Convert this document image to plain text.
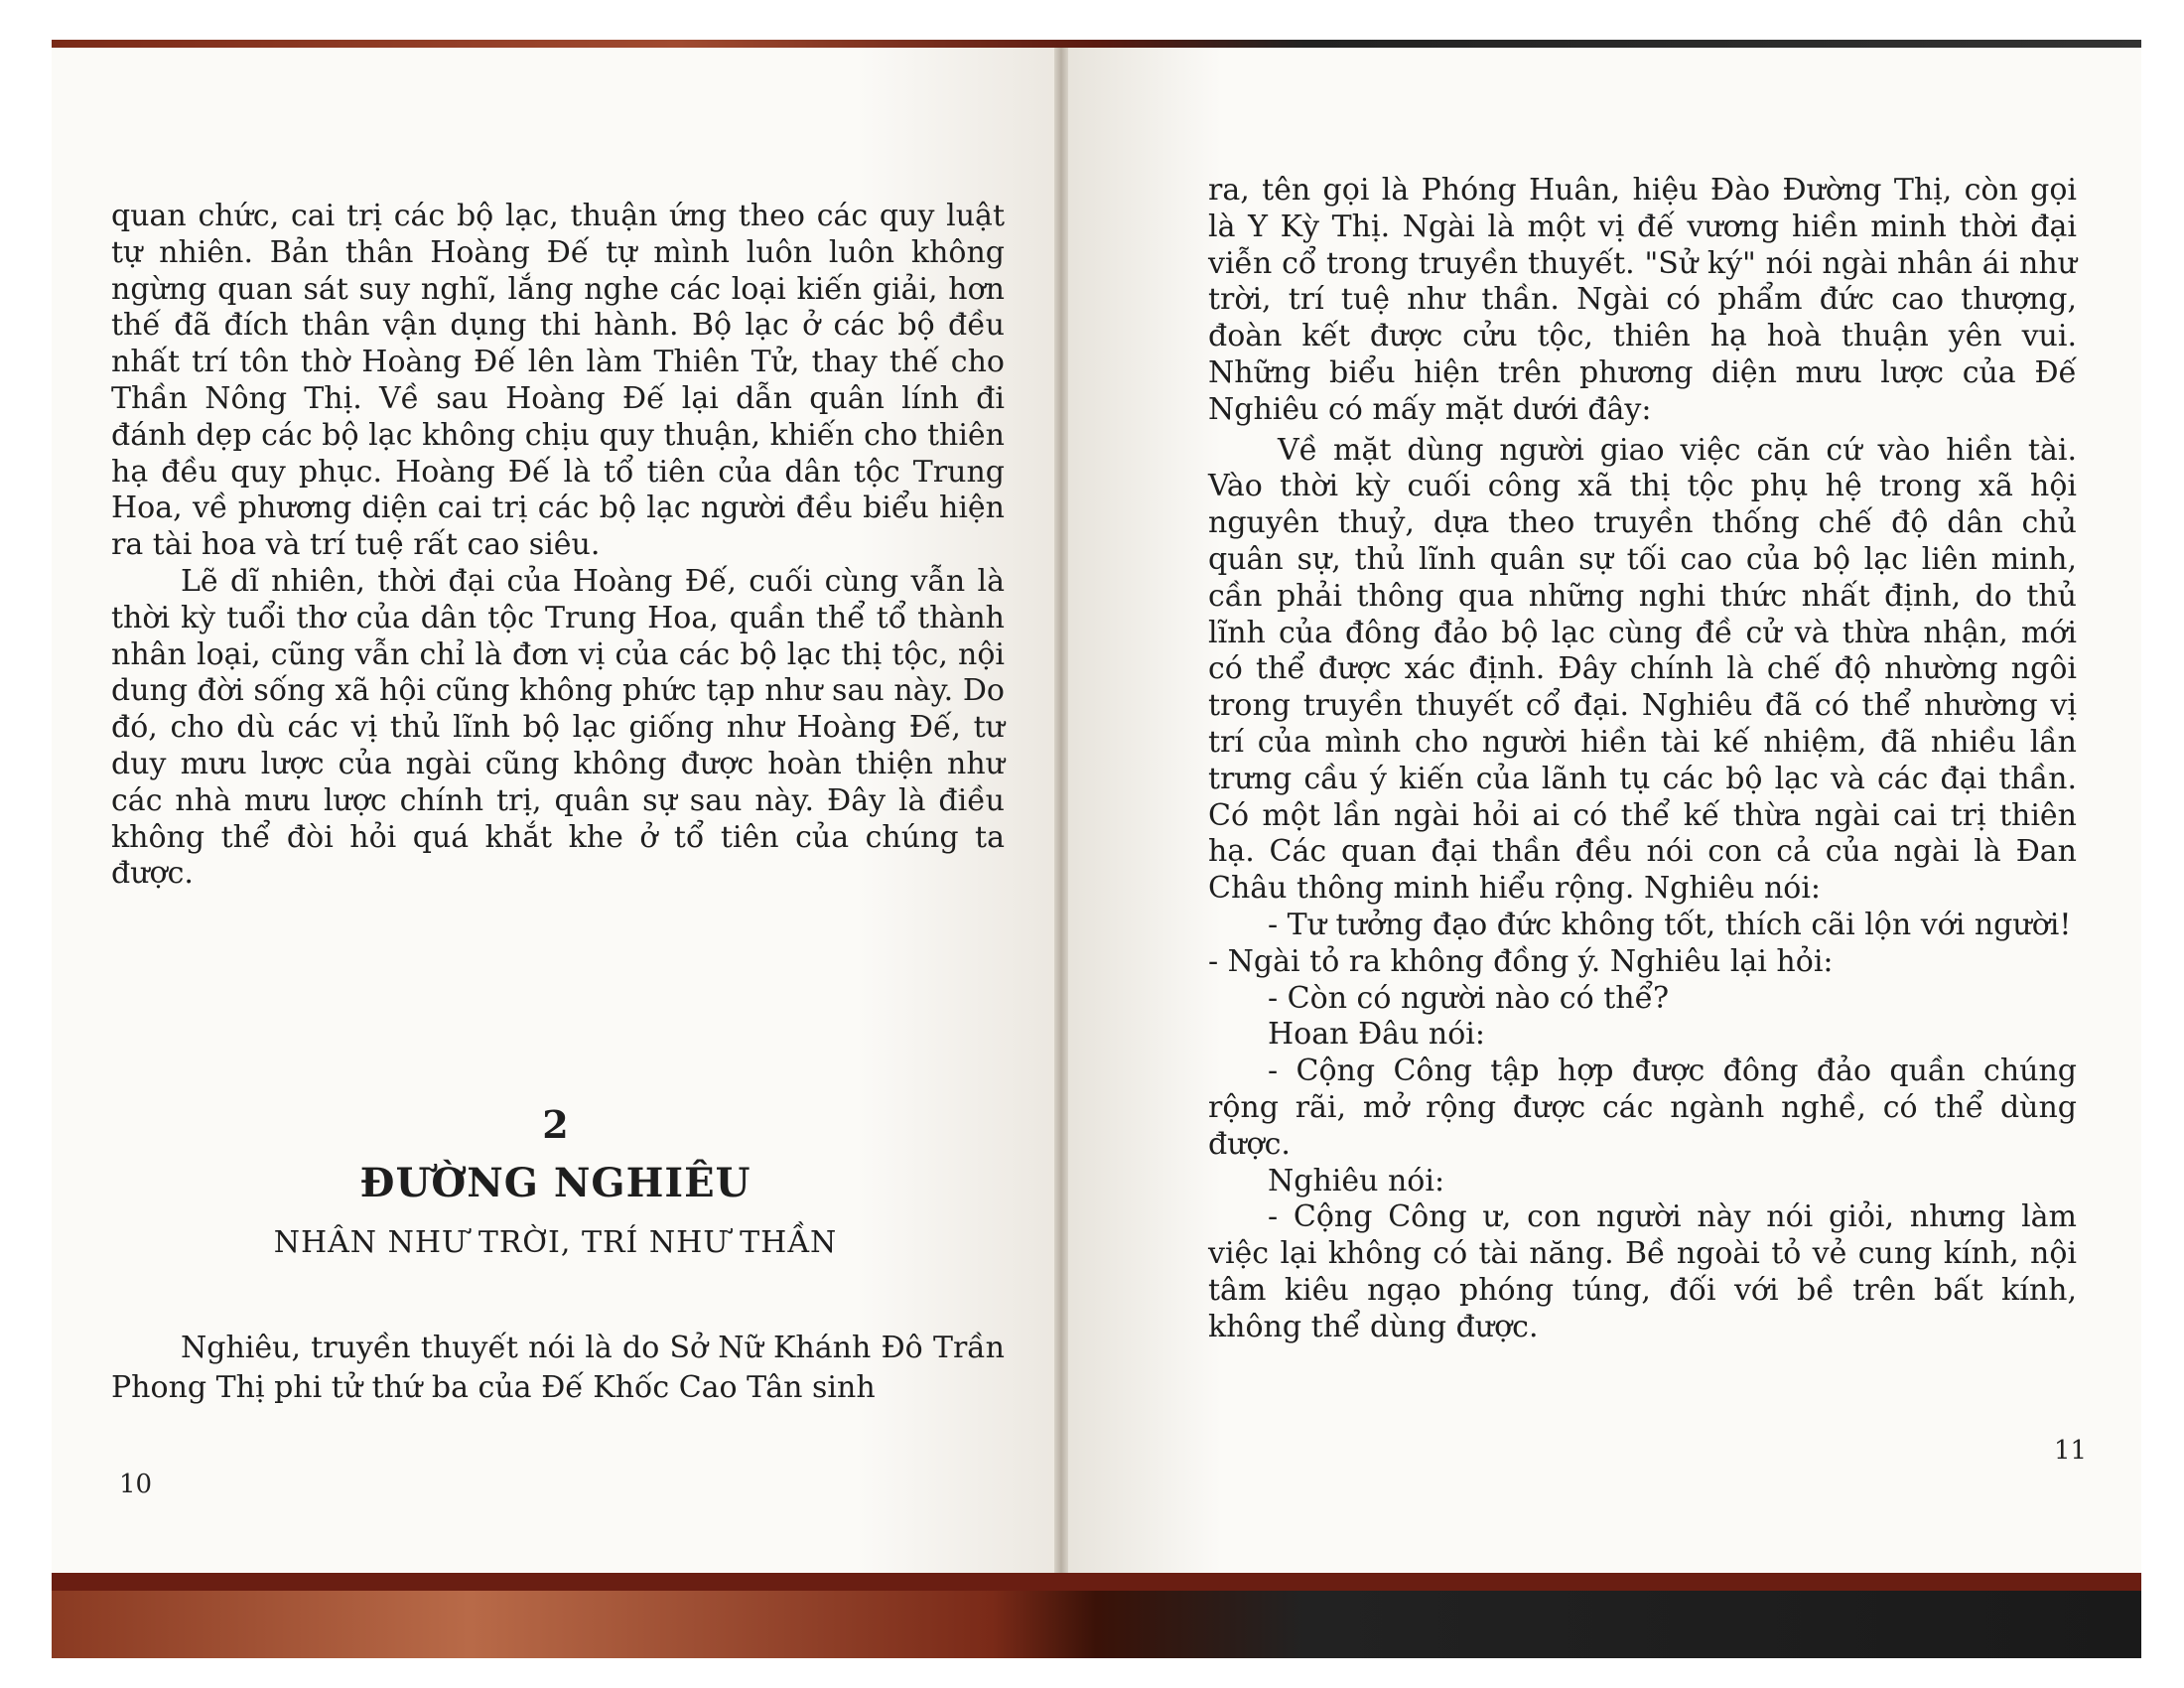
quan chức, cai trị các bộ lạc, thuận ứng theo các quy luật tự nhiên. Bản thân Hoàng Đế tự mình luôn luôn không ngừng quan sát suy nghĩ, lắng nghe các loại kiến giải, hơn thế đã đích thân vận dụng thi hành. Bộ lạc ở các bộ đều nhất trí tôn thờ Hoàng Đế lên làm Thiên Tử, thay thế cho Thần Nông Thị. Về sau Hoàng Đế lại dẫn quân lính đi đánh dẹp các bộ lạc không chịu quy thuận, khiến cho thiên hạ đều quy phục. Hoàng Đế là tổ tiên của dân tộc Trung Hoa, về phương diện cai trị các bộ lạc người đều biểu hiện ra tài hoa và trí tuệ rất cao siêu.

Lẽ dĩ nhiên, thời đại của Hoàng Đế, cuối cùng vẫn là thời kỳ tuổi thơ của dân tộc Trung Hoa, quần thể tổ thành nhân loại, cũng vẫn chỉ là đơn vị của các bộ lạc thị tộc, nội dung đời sống xã hội cũng không phức tạp như sau này. Do đó, cho dù các vị thủ lĩnh bộ lạc giống như Hoàng Đế, tư duy mưu lược của ngài cũng không được hoàn thiện như các nhà mưu lược chính trị, quân sự sau này. Đây là điều không thể đòi hỏi quá khắt khe ở tổ tiên của chúng ta được.

2
ĐƯỜNG NGHIÊU
NHÂN NHƯ TRỜI, TRÍ NHƯ THẦN

Nghiêu, truyền thuyết nói là do Sở Nữ Khánh Đô Trần Phong Thị phi tử thứ ba của Đế Khốc Cao Tân sinh

10

ra, tên gọi là Phóng Huân, hiệu Đào Đường Thị, còn gọi là Y Kỳ Thị. Ngài là một vị đế vương hiền minh thời đại viễn cổ trong truyền thuyết. "Sử ký" nói ngài nhân ái như trời, trí tuệ như thần. Ngài có phẩm đức cao thượng, đoàn kết được cửu tộc, thiên hạ hoà thuận yên vui. Những biểu hiện trên phương diện mưu lược của Đế Nghiêu có mấy mặt dưới đây:

Về mặt dùng người giao việc căn cứ vào hiền tài. Vào thời kỳ cuối công xã thị tộc phụ hệ trong xã hội nguyên thuỷ, dựa theo truyền thống chế độ dân chủ quân sự, thủ lĩnh quân sự tối cao của bộ lạc liên minh, cần phải thông qua những nghi thức nhất định, do thủ lĩnh của đông đảo bộ lạc cùng đề cử và thừa nhận, mới có thể được xác định. Đây chính là chế độ nhường ngôi trong truyền thuyết cổ đại. Nghiêu đã có thể nhường vị trí của mình cho người hiền tài kế nhiệm, đã nhiều lần trưng cầu ý kiến của lãnh tụ các bộ lạc và các đại thần. Có một lần ngài hỏi ai có thể kế thừa ngài cai trị thiên hạ. Các quan đại thần đều nói con cả của ngài là Đan Châu thông minh hiểu rộng. Nghiêu nói:

- Tư tưởng đạo đức không tốt, thích cãi lộn với người!

- Ngài tỏ ra không đồng ý. Nghiêu lại hỏi:

- Còn có người nào có thể?

Hoan Đâu nói:

- Cộng Công tập hợp được đông đảo quần chúng rộng rãi, mở rộng được các ngành nghề, có thể dùng được.

Nghiêu nói:

- Cộng Công ư, con người này nói giỏi, nhưng làm việc lại không có tài năng. Bề ngoài tỏ vẻ cung kính, nội tâm kiêu ngạo phóng túng, đối với bề trên bất kính, không thể dùng được.

11
